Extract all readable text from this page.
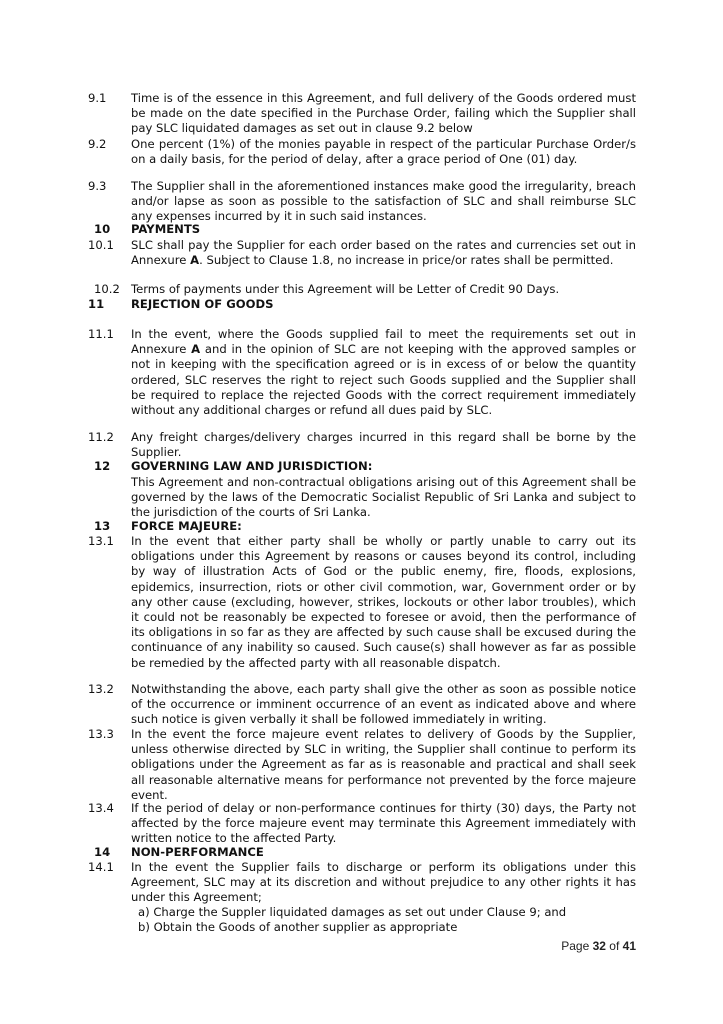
9.1	Time is of the essence in this Agreement, and full delivery of the Goods ordered must be made on the date specified in the Purchase Order, failing which the Supplier shall pay SLC liquidated damages as set out in clause 9.2 below
9.2	One percent (1%) of the monies payable in respect of the particular Purchase Order/s on a daily basis, for the period of delay, after a grace period of One (01) day.
9.3	The Supplier shall in the aforementioned instances make good the irregularity, breach and/or lapse as soon as possible to the satisfaction of SLC and shall reimburse SLC any expenses incurred by it in such said instances.
10	PAYMENTS
10.1	SLC shall pay the Supplier for each order based on the rates and currencies set out in Annexure A. Subject to Clause 1.8, no increase in price/or rates shall be permitted.
10.2 Terms of payments under this Agreement will be Letter of Credit 90 Days.
11	REJECTION OF GOODS
11.1	In the event, where the Goods supplied fail to meet the requirements set out in Annexure A and in the opinion of SLC are not keeping with the approved samples or not in keeping with the specification agreed or is in excess of or below the quantity ordered, SLC reserves the right to reject such Goods supplied and the Supplier shall be required to replace the rejected Goods with the correct requirement immediately without any additional charges or refund all dues paid by SLC.
11.2	Any freight charges/delivery charges incurred in this regard shall be borne by the Supplier.
12	GOVERNING LAW AND JURISDICTION:
This Agreement and non-contractual obligations arising out of this Agreement shall be governed by the laws of the Democratic Socialist Republic of Sri Lanka and subject to the jurisdiction of the courts of Sri Lanka.
13	FORCE MAJEURE:
13.1	In the event that either party shall be wholly or partly unable to carry out its obligations under this Agreement by reasons or causes beyond its control, including by way of illustration Acts of God or the public enemy, fire, floods, explosions, epidemics, insurrection, riots or other civil commotion, war, Government order or by any other cause (excluding, however, strikes, lockouts or other labor troubles), which it could not be reasonably be expected to foresee or avoid, then the performance of its obligations in so far as they are affected by such cause shall be excused during the continuance of any inability so caused. Such cause(s) shall however as far as possible be remedied by the affected party with all reasonable dispatch.
13.2	Notwithstanding the above, each party shall give the other as soon as possible notice of the occurrence or imminent occurrence of an event as indicated above and where such notice is given verbally it shall be followed immediately in writing.
13.3	In the event the force majeure event relates to delivery of Goods by the Supplier, unless otherwise directed by SLC in writing, the Supplier shall continue to perform its obligations under the Agreement as far as is reasonable and practical and shall seek all reasonable alternative means for performance not prevented by the force majeure event.
13.4	If the period of delay or non-performance continues for thirty (30) days, the Party not affected by the force majeure event may terminate this Agreement immediately with written notice to the affected Party.
14	NON-PERFORMANCE
14.1	In the event the Supplier fails to discharge or perform its obligations under this Agreement, SLC may at its discretion and without prejudice to any other rights it has under this Agreement;
a) Charge the Suppler liquidated damages as set out under Clause 9; and
b) Obtain the Goods of another supplier as appropriate
Page 32 of 41
